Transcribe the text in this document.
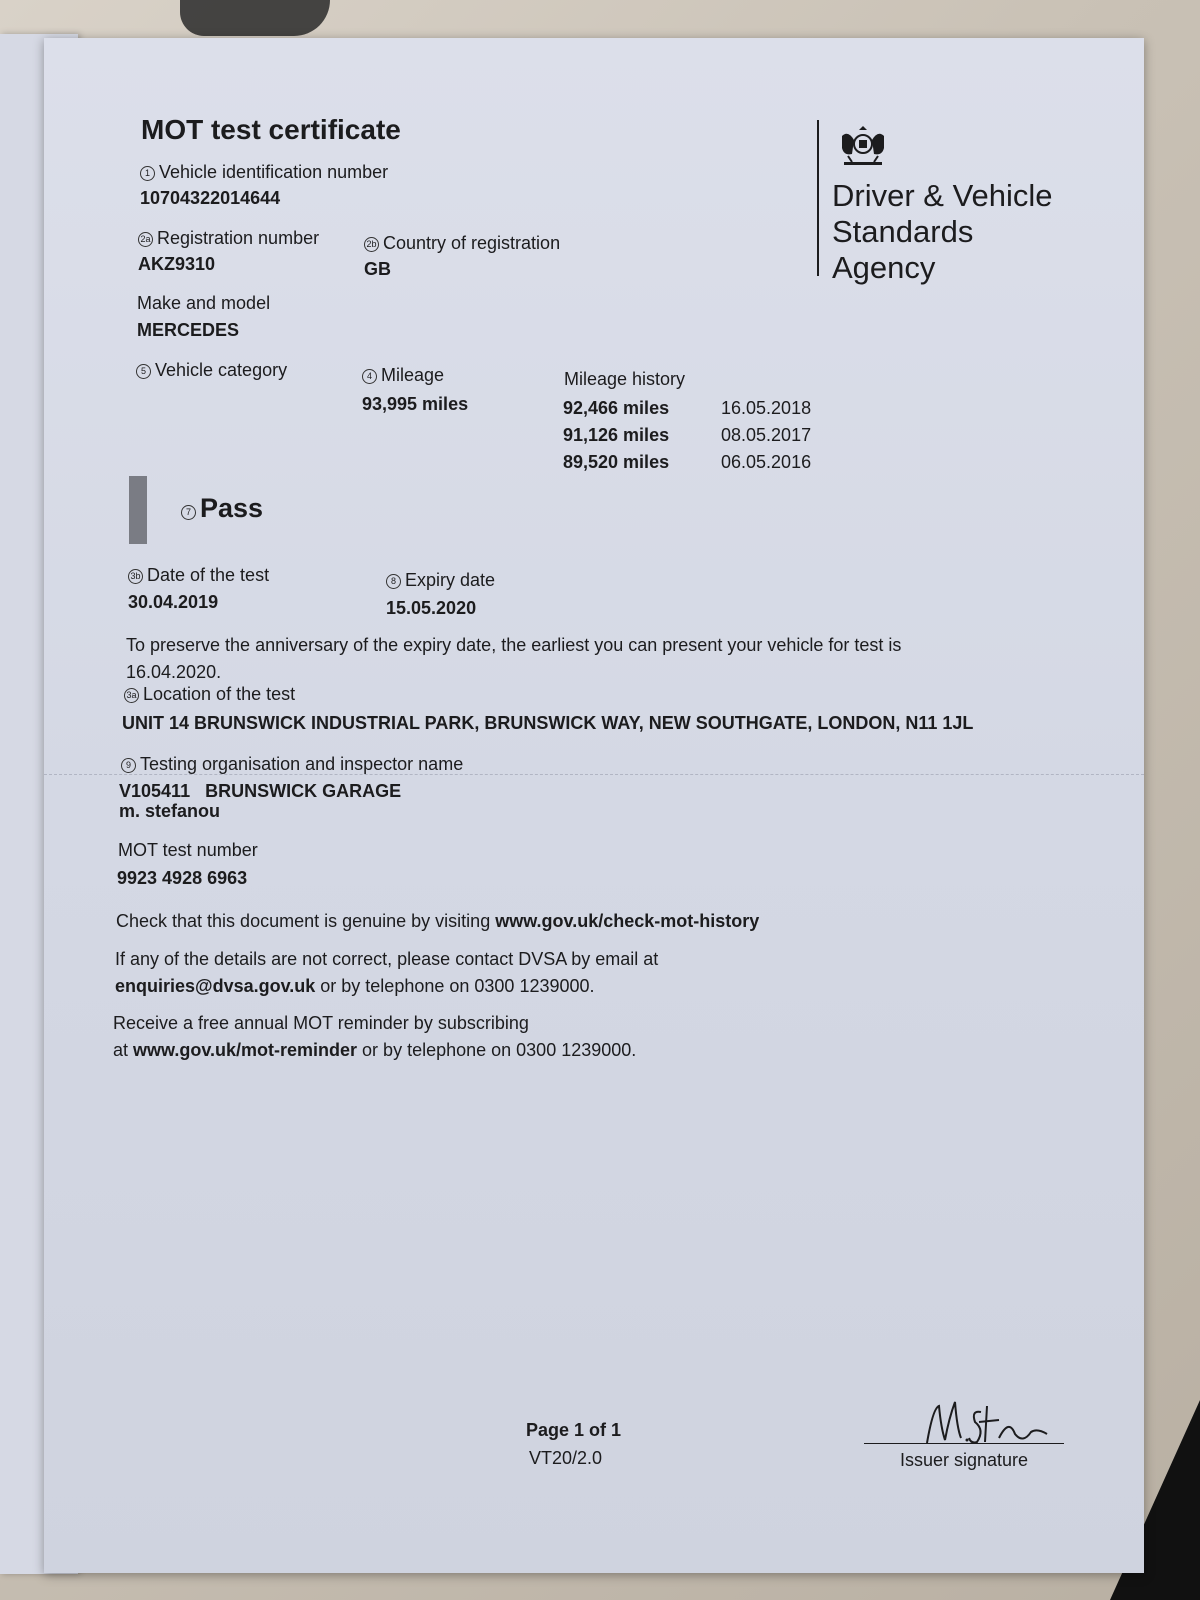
MOT test certificate
1 Vehicle identification number
10704322014644
2a Registration number
AKZ9310
2b Country of registration
GB
Make and model
MERCEDES
5 Vehicle category	4 Mileage
93,995 miles
Mileage history
92,466 miles	16.05.2018
91,126 miles	08.05.2017
89,520 miles	06.05.2016
Driver & Vehicle
Standards
Agency
7 Pass
3b Date of the test
30.04.2019
8 Expiry date
15.05.2020
To preserve the anniversary of the expiry date, the earliest you can present your vehicle for test is 16.04.2020.
3a Location of the test
UNIT 14 BRUNSWICK INDUSTRIAL PARK, BRUNSWICK WAY, NEW SOUTHGATE, LONDON, N11 1JL
9 Testing organisation and inspector name
V105411 BRUNSWICK GARAGE
m. stefanou
MOT test number
9923 4928 6963
Check that this document is genuine by visiting www.gov.uk/check-mot-history
If any of the details are not correct, please contact DVSA by email at
enquiries@dvsa.gov.uk or by telephone on 0300 1239000.
Receive a free annual MOT reminder by subscribing
at www.gov.uk/mot-reminder or by telephone on 0300 1239000.
Page 1 of 1
VT20/2.0	Issuer signature
